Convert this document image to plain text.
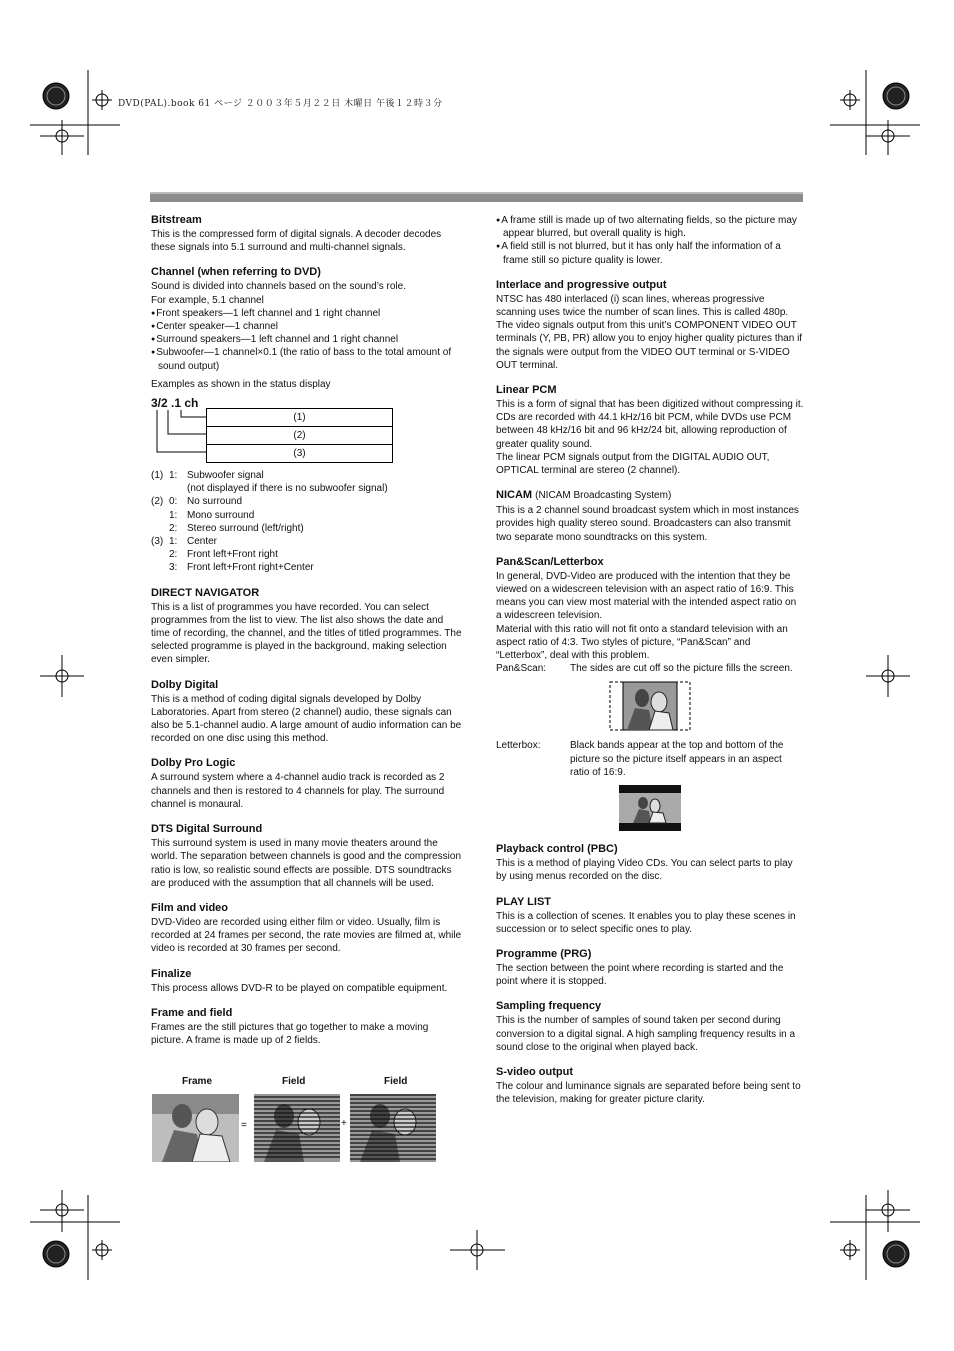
DVD(PAL).book 61 ページ ２００３年５月２２日 木曜日 午後１２時３分
Bitstream

This is the compressed form of digital signals. A decoder decodes these signals into 5.1 surround and multi-channel signals.

Channel (when referring to DVD)

Sound is divided into channels based on the sound’s role.

For example, 5.1 channel

● Front speakers—1 left channel and 1 right channel

● Center speaker—1 channel

● Surround speakers—1 left channel and 1 right channel

● Subwoofer—1 channel×0.1 (the ratio of bass to the total amount of sound output)

Examples as shown in the status display

3/2 .1 ch
(1)
(2)
(3)
(1) 1: Subwoofer signal
(not displayed if there is no subwoofer signal)
(2) 0: No surround
1: Mono surround
2: Stereo surround (left/right)
(3) 1: Center
2: Front left+Front right
3: Front left+Front right+Center
DIRECT NAVIGATOR

This is a list of programmes you have recorded. You can select programmes from the list to view. The list also shows the date and time of recording, the channel, and the titles of titled programmes. The selected programme is played in the background, making selection even simpler.

Dolby Digital

This is a method of coding digital signals developed by Dolby Laboratories. Apart from stereo (2 channel) audio, these signals can also be 5.1-channel audio. A large amount of audio information can be recorded on one disc using this method.

Dolby Pro Logic

A surround system where a 4-channel audio track is recorded as 2 channels and then is restored to 4 channels for play. The surround channel is monaural.

DTS Digital Surround

This surround system is used in many movie theaters around the world. The separation between channels is good and the compression ratio is low, so realistic sound effects are possible. DTS soundtracks are produced with the assumption that all channels will be used.

Film and video

DVD-Video are recorded using either film or video. Usually, film is recorded at 24 frames per second, the rate movies are filmed at, while video is recorded at 30 frames per second.

Finalize

This process allows DVD-R to be played on compatible equipment.

Frame and field

Frames are the still pictures that go together to make a moving picture. A frame is made up of 2 fields.

Frame	Field	Field
=	+

● A frame still is made up of two alternating fields, so the picture may appear blurred, but overall quality is high.

● A field still is not blurred, but it has only half the information of a frame still so picture quality is lower.

Interlace and progressive output

NTSC has 480 interlaced (i) scan lines, whereas progressive scanning uses twice the number of scan lines. This is called 480p. The video signals output from this unit’s COMPONENT VIDEO OUT terminals (Y, PB, PR) allow you to enjoy higher quality pictures than if the signals were output from the VIDEO OUT terminal or S-VIDEO OUT terminal.

Linear PCM

This is a form of signal that has been digitized without compressing it. CDs are recorded with 44.1 kHz/16 bit PCM, while DVDs use PCM between 48 kHz/16 bit and 96 kHz/24 bit, allowing reproduction of greater quality sound.

The linear PCM signals output from the DIGITAL AUDIO OUT, OPTICAL terminal are stereo (2 channel).

NICAM (NICAM Broadcasting System)

This is a 2 channel sound broadcast system which in most instances provides high quality stereo sound. Broadcasters can also transmit two separate mono soundtracks on this system.

Pan&Scan/Letterbox

In general, DVD-Video are produced with the intention that they be viewed on a widescreen television with an aspect ratio of 16:9. This means you can view most material with the intended aspect ratio on a widescreen television.

Material with this ratio will not fit onto a standard television with an aspect ratio of 4:3. Two styles of picture, “Pan&Scan” and “Letterbox”, deal with this problem.

Pan&Scan:	The sides are cut off so the picture fills the screen.
Letterbox:	Black bands appear at the top and bottom of the picture so the picture itself appears in an aspect ratio of 16:9.
Playback control (PBC)

This is a method of playing Video CDs. You can select parts to play by using menus recorded on the disc.

PLAY LIST

This is a collection of scenes. It enables you to play these scenes in succession or to select specific ones to play.

Programme (PRG)

The section between the point where recording is started and the point where it is stopped.

Sampling frequency

This is the number of samples of sound taken per second during conversion to a digital signal. A high sampling frequency results in a sound close to the original when played back.

S-video output

The colour and luminance signals are separated before being sent to the television, making for greater picture clarity.
